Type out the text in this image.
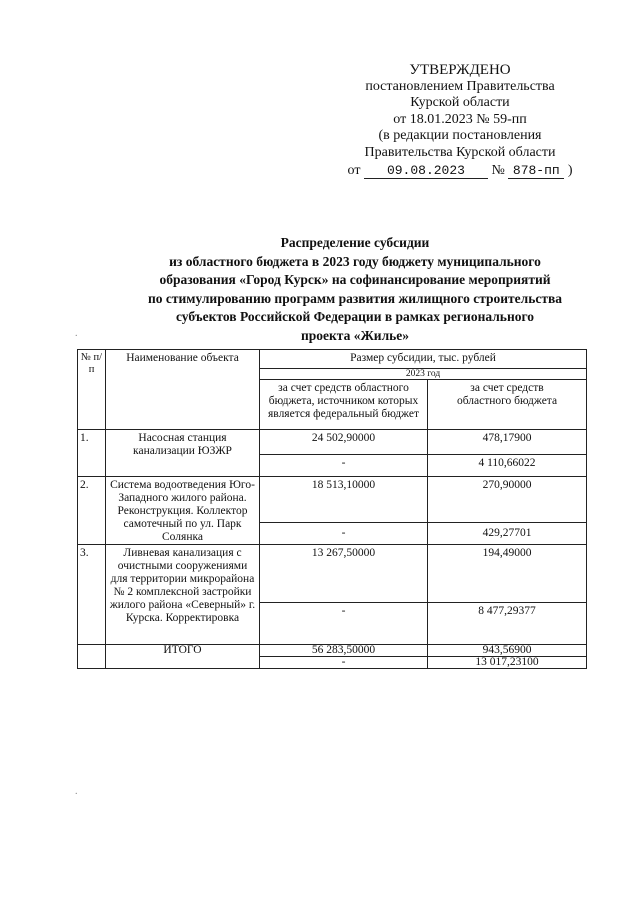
УТВЕРЖДЕНО
постановлением Правительства
Курской области
от 18.01.2023 № 59-пп
(в редакции постановления
Правительства Курской области
от 09.08.2023 № 878-пп )
Распределение субсидии
из областного бюджета в 2023 году бюджету муниципального
образования «Город Курск» на софинансирование мероприятий
по стимулированию программ развития жилищного строительства
субъектов Российской Федерации в рамках регионального
проекта «Жилье»
№ п/п	Наименование объекта	Размер субсидии, тыс. рублей	
		2023 год	
		за счет средств областного бюджета, источником которых является федеральный бюджет	за счет средств областного бюджета
1.	Насосная станция канализации ЮЗЖР	24 502,90000	478,17900
		-	4 110,66022
2.	Система водоотведения Юго-Западного жилого района. Реконструкция. Коллектор самотечный по ул. Парк Солянка	18 513,10000	270,90000
		-	429,27701
3.	Ливневая канализация с очистными сооружениями для территории микрорайона № 2 комплексной застройки жилого района «Северный» г. Курска. Корректировка	13 267,50000	194,49000
		-	8 477,29377
	ИТОГО	56 283,50000	943,56900
		-	13 017,23100
.
.
